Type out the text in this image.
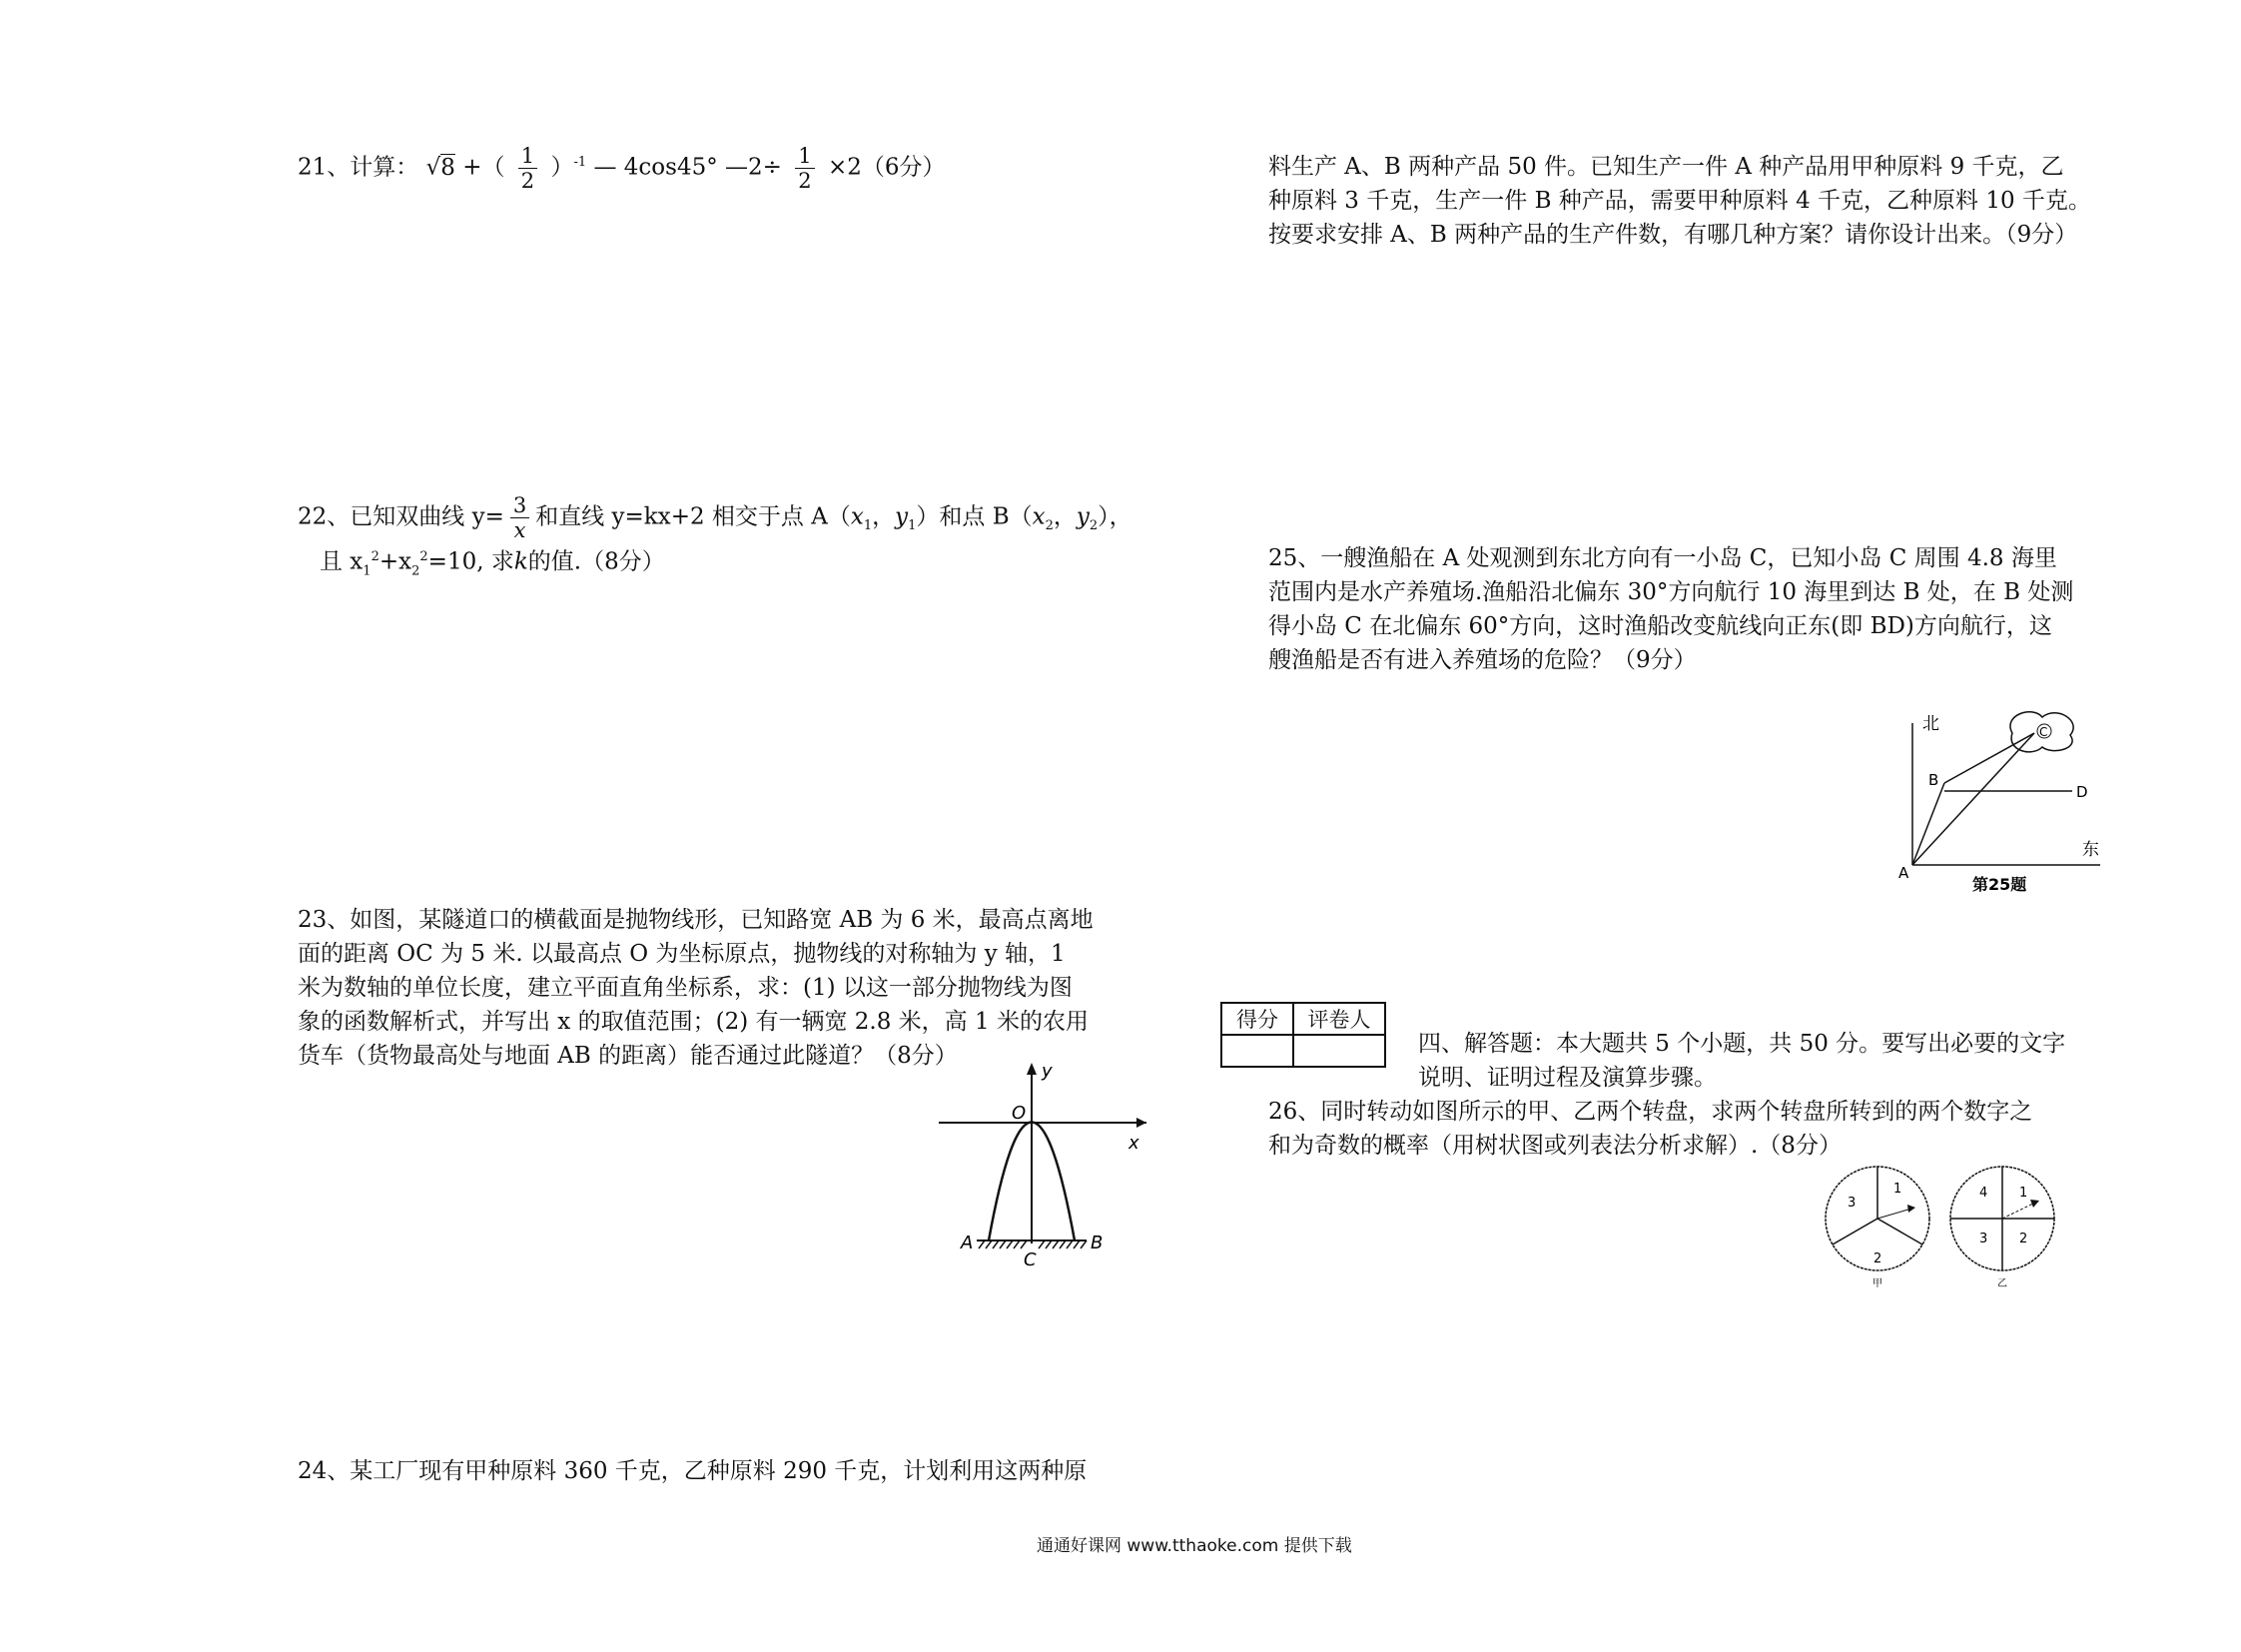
21、计算： √8 +（ $\frac{1}{2} )^{-1}$ — 4cos45° —2÷ $\frac{1}{2} \times 2(6$分）
22、已知双曲线 $y= \frac{3}{x}$ 和直线 y=kx+2 相交于点 $A(x_1$，$y_1$）和点 $B(x_2$，$y_2$），
且 $x_1^2+x_2^2=10$, 求k的值.（8分）
23、如图，某隧道口的横截面是抛物线形，已知路宽 AB 为 6 米，最高点离地
面的距离 OC 为 5 米. 以最高点 O 为坐标原点，抛物线的对称轴为 y 轴，1
米为数轴的单位长度，建立平面直角坐标系，求：(1) 以这一部分抛物线为图
象的函数解析式，并写出 x 的取值范围；(2) 有一辆宽 2.8 米，高 1 米的农用
货车（货物最高处与地面 AB 的距离）能否通过此隧道？（8分）
y
x
O
A	B
C
24、某工厂现有甲种原料 360 千克，乙种原料 290 千克，计划利用这两种原
料生产 A、B 两种产品 50 件。已知生产一件 A 种产品用甲种原料 9 千克，乙
种原料 3 千克，生产一件 B 种产品，需要甲种原料 4 千克，乙种原料 10 千克。
按要求安排 A、B 两种产品的生产件数，有哪几种方案？请你设计出来。（9分）
25、一艘渔船在 A 处观测到东北方向有一小岛 C，已知小岛 C 周围 4.8 海里
范围内是水产养殖场.渔船沿北偏东 30°方向航行 10 海里到达 B 处，在 B 处测
得小岛 C 在北偏东 60°方向，这时渔船改变航线向正东(即 BD)方向航行，这
艘渔船是否有进入养殖场的危险？（9分）
北
东
A
B
C
D
第25题
得分	评卷人

四、解答题：本大题共 5 个小题，共 50 分。要写出必要的文字
说明、证明过程及演算步骤。
26、同时转动如图所示的甲、乙两个转盘，求两个转盘所转到的两个数字之
和为奇数的概率（用树状图或列表法分析求解）.（8分）
1
2
3
甲
1
2
3
4
乙
通通好课网 www.tthaoke.com 提供下载
